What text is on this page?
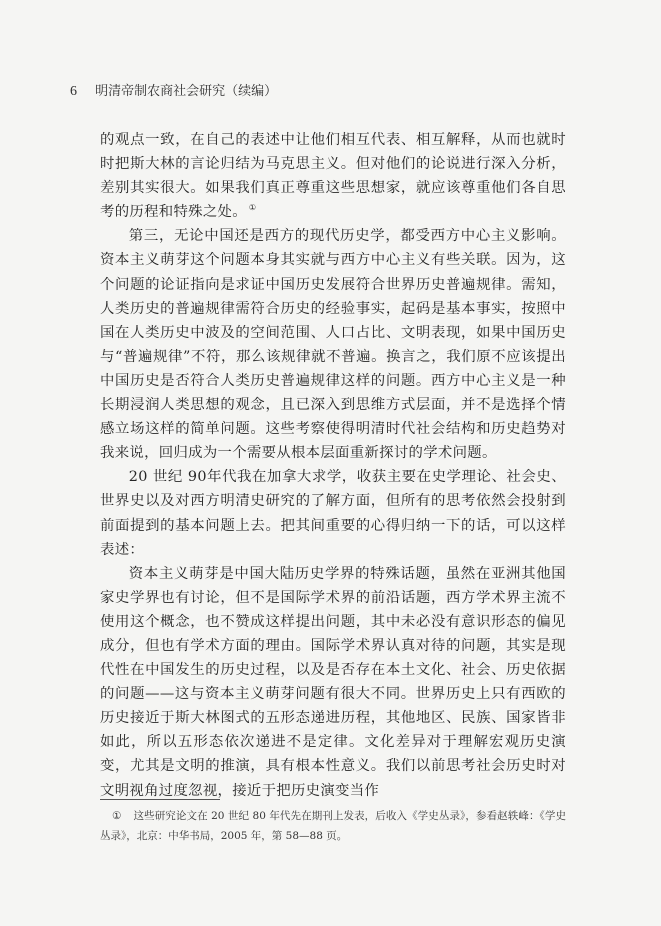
6 明清帝制农商社会研究（续编）

的观点一致，在自己的表述中让他们相互代表、相互解释，从而也就时时把斯大林的言论归结为马克思主义。但对他们的论说进行深入分析，差别其实很大。如果我们真正尊重这些思想家，就应该尊重他们各自思考的历程和特殊之处。 ①

第三，无论中国还是西方的现代历史学，都受西方中心主义影响。资本主义萌芽这个问题本身其实就与西方中心主义有些关联。因为，这个问题的论证指向是求证中国历史发展符合世界历史普遍规律。需知，人类历史的普遍规律需符合历史的经验事实，起码是基本事实，按照中国在人类历史中波及的空间范围、人口占比、文明表现，如果中国历史与“普遍规律”不符，那么该规律就不普遍。换言之，我们原不应该提出中国历史是否符合人类历史普遍规律这样的问题。西方中心主义是一种长期浸润人类思想的观念，且已深入到思维方式层面，并不是选择个情感立场这样的简单问题。这些考察使得明清时代社会结构和历史趋势对我来说，回归成为一个需要从根本层面重新探讨的学术问题。

20 世纪 90年代我在加拿大求学，收获主要在史学理论、社会史、世界史以及对西方明清史研究的了解方面，但所有的思考依然会投射到前面提到的基本问题上去。把其间重要的心得归纳一下的话，可以这样表述：

资本主义萌芽是中国大陆历史学界的特殊话题，虽然在亚洲其他国家史学界也有讨论，但不是国际学术界的前沿话题，西方学术界主流不使用这个概念，也不赞成这样提出问题，其中未必没有意识形态的偏见成分，但也有学术方面的理由。国际学术界认真对待的问题，其实是现代性在中国发生的历史过程，以及是否存在本土文化、社会、历史依据的问题——这与资本主义萌芽问题有很大不同。世界历史上只有西欧的历史接近于斯大林图式的五形态递进历程，其他地区、民族、国家皆非如此，所以五形态依次递进不是定律。文化差异对于理解宏观历史演变，尤其是文明的推演，具有根本性意义。我们以前思考社会历史时对文明视角过度忽视，接近于把历史演变当作

① 这些研究论文在 20 世纪 80 年代先在期刊上发表，后收入《学史丛录》，参看赵轶峰：《学史丛录》，北京：中华书局，2005 年，第 58—88 页。
